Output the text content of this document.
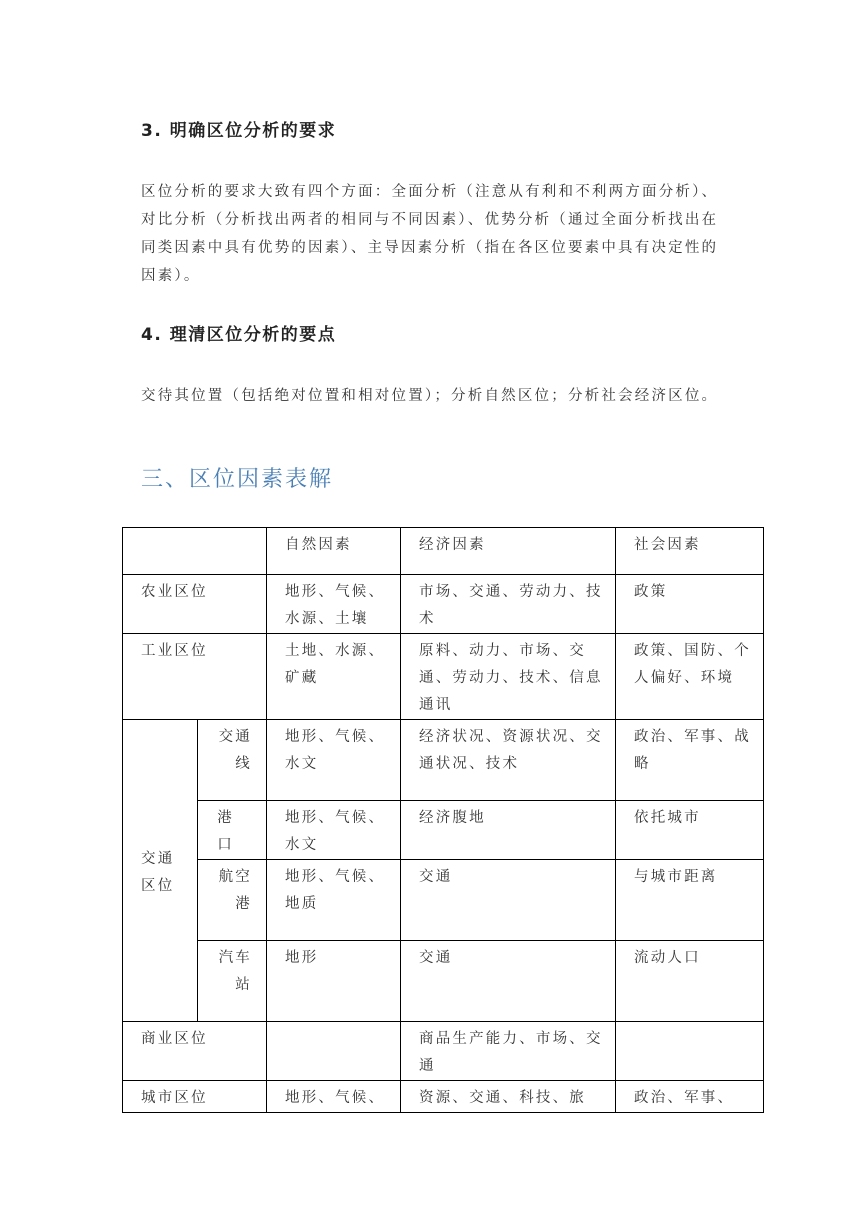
3. 明确区位分析的要求

区位分析的要求大致有四个方面：全面分析（注意从有利和不利两方面分析）、对比分析（分析找出两者的相同与不同因素）、优势分析（通过全面分析找出在同类因素中具有优势的因素）、主导因素分析（指在各区位要素中具有决定性的因素）。

4. 理清区位分析的要点

交待其位置（包括绝对位置和相对位置）；分析自然区位；分析社会经济区位。

三、区位因素表解
		自然因素	经济因素	社会因素
农业区位		地形、气候、水源、土壤	市场、交通、劳动力、技术	政策
工业区位		土地、水源、矿藏	原料、动力、市场、交通、劳动力、技术、信息通讯	政策、国防、个人偏好、环境
交通区位	交通线	地形、气候、水文	经济状况、资源状况、交通状况、技术	政治、军事、战略

	港口	地形、气候、水文	经济腹地	依托城市

	航空港	地形、气候、地质	交通	与城市距离

	汽车站	地形	交通	流动人口
商业区位			商品生产能力、市场、交通	
城市区位		地形、气候、	资源、交通、科技、旅	政治、军事、
